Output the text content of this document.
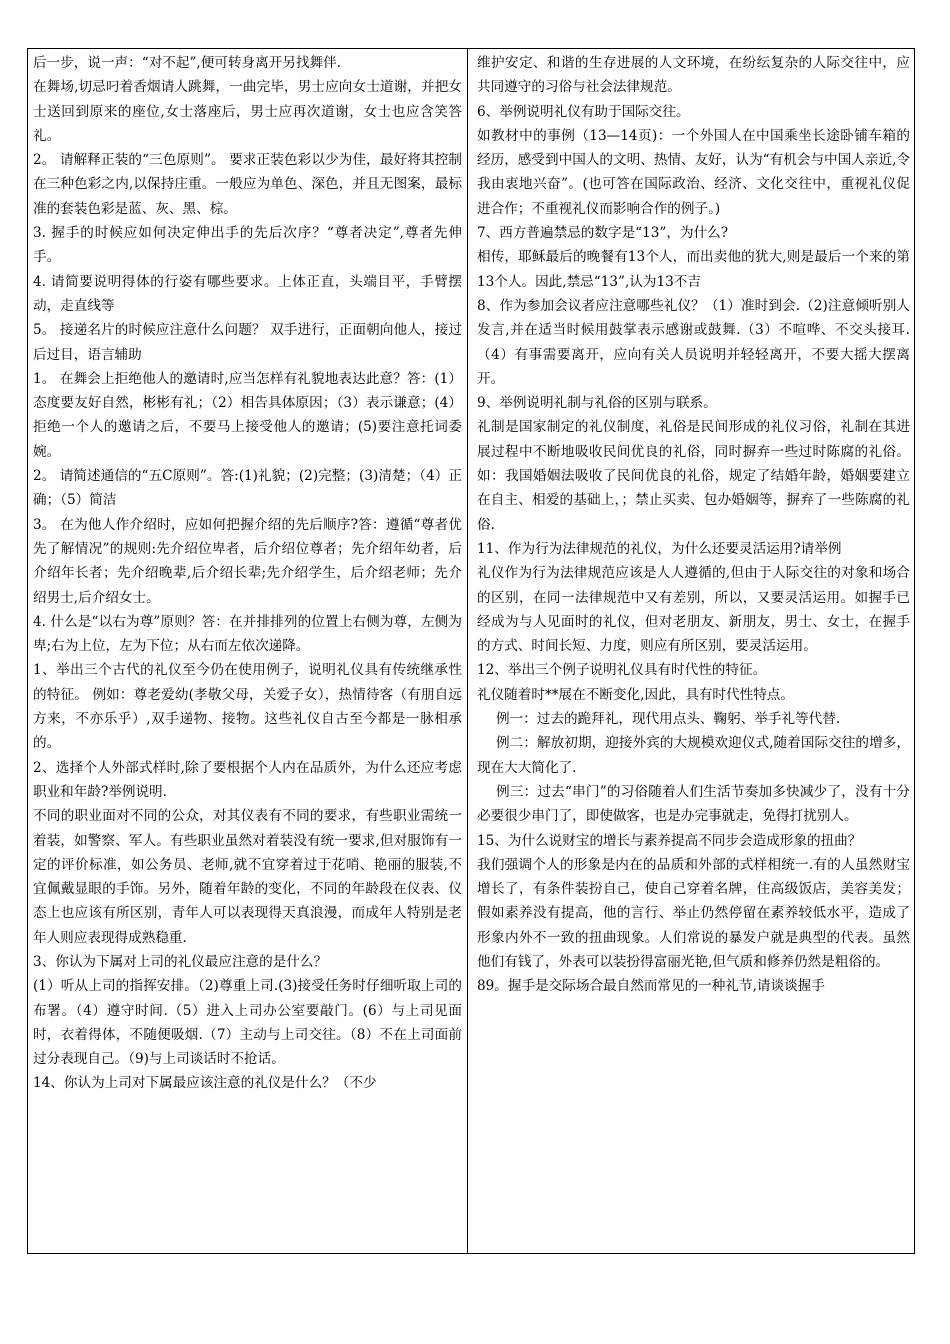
后一步，说一声：“对不起”,便可转身离开另找舞伴.

在舞场,切忌叼着香烟请人跳舞，一曲完毕，男士应向女士道谢，并把女士送回到原来的座位,女士落座后，男士应再次道谢，女士也应含笑答礼。

2。 请解释正装的“三色原则”。 要求正装色彩以少为佳，最好将其控制在三种色彩之内,以保持庄重。一般应为单色、深色，并且无图案，最标准的套装色彩是蓝、灰、黑、棕。

3. 握手的时候应如何决定伸出手的先后次序？“尊者决定”,尊者先伸手。

4. 请简要说明得体的行姿有哪些要求。上体正直，头端目平，手臂摆动，走直线等

5。 接递名片的时候应注意什么问题？ 双手进行，正面朝向他人，接过后过目，语言辅助

1。 在舞会上拒绝他人的邀请时,应当怎样有礼貌地表达此意？答：(1）态度要友好自然，彬彬有礼；（2）相告具体原因；（3）表示谦意；(4）拒绝一个人的邀请之后，不要马上接受他人的邀请；(5)要注意托词委婉。

2。 请简述通信的“五C原则”。答:(1)礼貌；(2)完整；(3)清楚；（4）正确；（5）简洁

3。 在为他人作介绍时，应如何把握介绍的先后顺序?答：遵循“尊者优先了解情况”的规则:先介绍位卑者，后介绍位尊者；先介绍年幼者，后介绍年长者；先介绍晚辈,后介绍长辈;先介绍学生，后介绍老师；先介绍男士,后介绍女士。

4. 什么是“以右为尊”原则？答：在并排排列的位置上右侧为尊，左侧为卑;右为上位，左为下位；从右而左依次递降。

1、举出三个古代的礼仪至今仍在使用例子，说明礼仪具有传统继承性的特征。 例如：尊老爱幼(孝敬父母，关爱子女），热情待客（有朋自远方来，不亦乐乎）,双手递物、接物。这些礼仪自古至今都是一脉相承的。

2、选择个人外部式样时,除了要根据个人内在品质外，为什么还应考虑职业和年龄?举例说明.

不同的职业面对不同的公众，对其仪表有不同的要求，有些职业需统一着装，如警察、军人。有些职业虽然对着装没有统一要求,但对服饰有一定的评价标准，如公务员、老师,就不宜穿着过于花哨、艳丽的服装,不宜佩戴显眼的手饰。另外，随着年龄的变化，不同的年龄段在仪表、仪态上也应该有所区别，青年人可以表现得天真浪漫，而成年人特别是老年人则应表现得成熟稳重.

3、你认为下属对上司的礼仪最应注意的是什么？

(1）听从上司的指挥安排。（2)尊重上司.(3)接受任务时仔细听取上司的布署。（4）遵守时间.（5）进入上司办公室要敲门。(6）与上司见面时，衣着得体，不随便吸烟.（7）主动与上司交往。（8）不在上司面前过分表现自己。（9)与上司谈话时不抢话。

14、你认为上司对下属最应该注意的礼仪是什么？（不少

维护安定、和谐的生存进展的人文环境，在纷纭复杂的人际交往中，应共同遵守的习俗与社会法律规范。

6、举例说明礼仪有助于国际交往。

如教材中的事例（13—14页)：一个外国人在中国乘坐长途卧铺车箱的经历，感受到中国人的文明、热情、友好，认为“有机会与中国人亲近,令我由衷地兴奋”。(也可答在国际政治、经济、文化交往中，重视礼仪促进合作；不重视礼仪而影响合作的例子。)

7、西方普遍禁忌的数字是“13”，为什么?

相传，耶稣最后的晚餐有13个人，而出卖他的犹大,则是最后一个来的第13个人。因此,禁忌“13”,认为13不吉

8、作为参加会议者应注意哪些礼仪？（1）准时到会.（2)注意倾听别人发言,并在适当时候用鼓掌表示感谢或鼓舞.（3）不喧哗、不交头接耳.（4）有事需要离开，应向有关人员说明并轻轻离开，不要大摇大摆离开。

9、举例说明礼制与礼俗的区别与联系。

礼制是国家制定的礼仪制度，礼俗是民间形成的礼仪习俗，礼制在其进展过程中不断地吸收民间优良的礼俗，同时摒弃一些过时陈腐的礼俗。如：我国婚姻法吸收了民间优良的礼俗，规定了结婚年龄，婚姻要建立在自主、相爱的基础上，；禁止买卖、包办婚姻等，摒弃了一些陈腐的礼俗.

11、作为行为法律规范的礼仪，为什么还要灵活运用?请举例

礼仪作为行为法律规范应该是人人遵循的,但由于人际交往的对象和场合的区别，在同一法律规范中又有差别，所以，又要灵活运用。如握手已经成为与人见面时的礼仪，但对老朋友、新朋友，男士、女士，在握手的方式、时间长短、力度，则应有所区别，要灵活运用。

12、举出三个例子说明礼仪具有时代性的特征。

礼仪随着时**展在不断变化,因此，具有时代性特点。

例一：过去的跪拜礼，现代用点头、鞠躬、举手礼等代替.

例二：解放初期，迎接外宾的大规模欢迎仪式,随着国际交往的增多，现在大大简化了.

例三：过去“串门”的习俗随着人们生活节奏加多快减少了，没有十分必要很少串门了，即使做客，也是办完事就走，免得打扰别人。

15、为什么说财宝的增长与素养提高不同步会造成形象的扭曲？

我们强调个人的形象是内在的品质和外部的式样相统一.有的人虽然财宝增长了，有条件装扮自己，使自己穿着名牌，住高级饭店，美容美发；假如素养没有提高，他的言行、举止仍然停留在素养较低水平，造成了形象内外不一致的扭曲现象。人们常说的暴发户就是典型的代表。虽然他们有钱了，外表可以装扮得富丽光艳,但气质和修养仍然是粗俗的。

89。握手是交际场合最自然而常见的一种礼节,请谈谈握手
